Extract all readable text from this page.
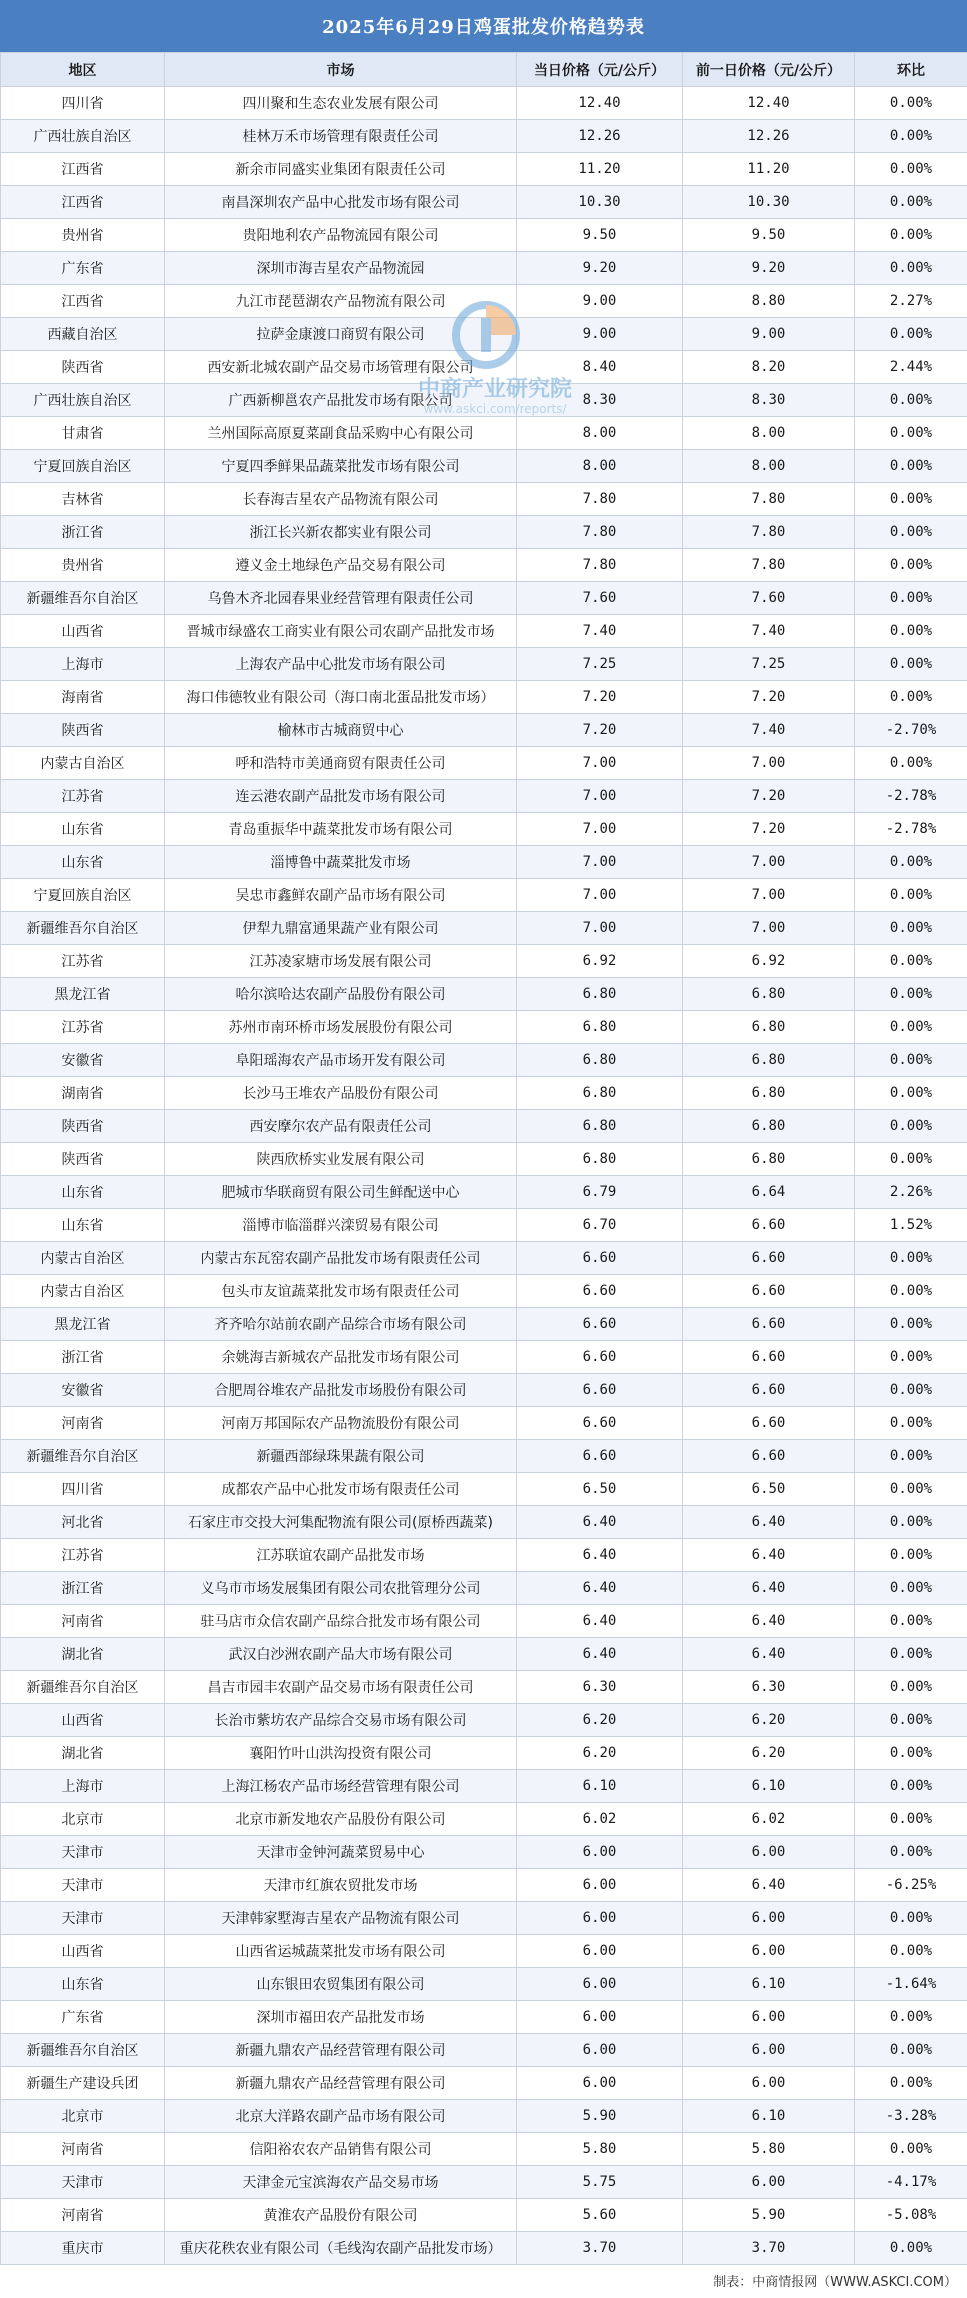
2025年6月29日鸡蛋批发价格趋势表
地区	市场	当日价格（元/公斤）	前一日价格（元/公斤）	环比
四川省	四川聚和生态农业发展有限公司	12.40	12.40	0.00%
广西壮族自治区	桂林万禾市场管理有限责任公司	12.26	12.26	0.00%
江西省	新余市同盛实业集团有限责任公司	11.20	11.20	0.00%
江西省	南昌深圳农产品中心批发市场有限公司	10.30	10.30	0.00%
贵州省	贵阳地利农产品物流园有限公司	9.50	9.50	0.00%
广东省	深圳市海吉星农产品物流园	9.20	9.20	0.00%
江西省	九江市琵琶湖农产品物流有限公司	9.00	8.80	2.27%
西藏自治区	拉萨金康渡口商贸有限公司	9.00	9.00	0.00%
陕西省	西安新北城农副产品交易市场管理有限公司	8.40	8.20	2.44%
广西壮族自治区	广西新柳邕农产品批发市场有限公司	8.30	8.30	0.00%
甘肃省	兰州国际高原夏菜副食品采购中心有限公司	8.00	8.00	0.00%
宁夏回族自治区	宁夏四季鲜果品蔬菜批发市场有限公司	8.00	8.00	0.00%
吉林省	长春海吉星农产品物流有限公司	7.80	7.80	0.00%
浙江省	浙江长兴新农都实业有限公司	7.80	7.80	0.00%
贵州省	遵义金土地绿色产品交易有限公司	7.80	7.80	0.00%
新疆维吾尔自治区	乌鲁木齐北园春果业经营管理有限责任公司	7.60	7.60	0.00%
山西省	晋城市绿盛农工商实业有限公司农副产品批发市场	7.40	7.40	0.00%
上海市	上海农产品中心批发市场有限公司	7.25	7.25	0.00%
海南省	海口伟德牧业有限公司（海口南北蛋品批发市场）	7.20	7.20	0.00%
陕西省	榆林市古城商贸中心	7.20	7.40	-2.70%
内蒙古自治区	呼和浩特市美通商贸有限责任公司	7.00	7.00	0.00%
江苏省	连云港农副产品批发市场有限公司	7.00	7.20	-2.78%
山东省	青岛重振华中蔬菜批发市场有限公司	7.00	7.20	-2.78%
山东省	淄博鲁中蔬菜批发市场	7.00	7.00	0.00%
宁夏回族自治区	吴忠市鑫鲜农副产品市场有限公司	7.00	7.00	0.00%
新疆维吾尔自治区	伊犁九鼎富通果蔬产业有限公司	7.00	7.00	0.00%
江苏省	江苏凌家塘市场发展有限公司	6.92	6.92	0.00%
黑龙江省	哈尔滨哈达农副产品股份有限公司	6.80	6.80	0.00%
江苏省	苏州市南环桥市场发展股份有限公司	6.80	6.80	0.00%
安徽省	阜阳瑶海农产品市场开发有限公司	6.80	6.80	0.00%
湖南省	长沙马王堆农产品股份有限公司	6.80	6.80	0.00%
陕西省	西安摩尔农产品有限责任公司	6.80	6.80	0.00%
陕西省	陕西欣桥实业发展有限公司	6.80	6.80	0.00%
山东省	肥城市华联商贸有限公司生鲜配送中心	6.79	6.64	2.26%
山东省	淄博市临淄群兴滦贸易有限公司	6.70	6.60	1.52%
内蒙古自治区	内蒙古东瓦窑农副产品批发市场有限责任公司	6.60	6.60	0.00%
内蒙古自治区	包头市友谊蔬菜批发市场有限责任公司	6.60	6.60	0.00%
黑龙江省	齐齐哈尔站前农副产品综合市场有限公司	6.60	6.60	0.00%
浙江省	余姚海吉新城农产品批发市场有限公司	6.60	6.60	0.00%
安徽省	合肥周谷堆农产品批发市场股份有限公司	6.60	6.60	0.00%
河南省	河南万邦国际农产品物流股份有限公司	6.60	6.60	0.00%
新疆维吾尔自治区	新疆西部绿珠果蔬有限公司	6.60	6.60	0.00%
四川省	成都农产品中心批发市场有限责任公司	6.50	6.50	0.00%
河北省	石家庄市交投大河集配物流有限公司(原桥西蔬菜)	6.40	6.40	0.00%
江苏省	江苏联谊农副产品批发市场	6.40	6.40	0.00%
浙江省	义乌市市场发展集团有限公司农批管理分公司	6.40	6.40	0.00%
河南省	驻马店市众信农副产品综合批发市场有限公司	6.40	6.40	0.00%
湖北省	武汉白沙洲农副产品大市场有限公司	6.40	6.40	0.00%
新疆维吾尔自治区	昌吉市园丰农副产品交易市场有限责任公司	6.30	6.30	0.00%
山西省	长治市紫坊农产品综合交易市场有限公司	6.20	6.20	0.00%
湖北省	襄阳竹叶山洪沟投资有限公司	6.20	6.20	0.00%
上海市	上海江杨农产品市场经营管理有限公司	6.10	6.10	0.00%
北京市	北京市新发地农产品股份有限公司	6.02	6.02	0.00%
天津市	天津市金钟河蔬菜贸易中心	6.00	6.00	0.00%
天津市	天津市红旗农贸批发市场	6.00	6.40	-6.25%
天津市	天津韩家墅海吉星农产品物流有限公司	6.00	6.00	0.00%
山西省	山西省运城蔬菜批发市场有限公司	6.00	6.00	0.00%
山东省	山东银田农贸集团有限公司	6.00	6.10	-1.64%
广东省	深圳市福田农产品批发市场	6.00	6.00	0.00%
新疆维吾尔自治区	新疆九鼎农产品经营管理有限公司	6.00	6.00	0.00%
新疆生产建设兵团	新疆九鼎农产品经营管理有限公司	6.00	6.00	0.00%
北京市	北京大洋路农副产品市场有限公司	5.90	6.10	-3.28%
河南省	信阳裕农农产品销售有限公司	5.80	5.80	0.00%
天津市	天津金元宝滨海农产品交易市场	5.75	6.00	-4.17%
河南省	黄淮农产品股份有限公司	5.60	5.90	-5.08%
重庆市	重庆花秩农业有限公司（毛线沟农副产品批发市场）	3.70	3.70	0.00%
中商产业研究院
www.askci.com/reports/
制表：中商情报网（WWW.ASKCI.COM）
